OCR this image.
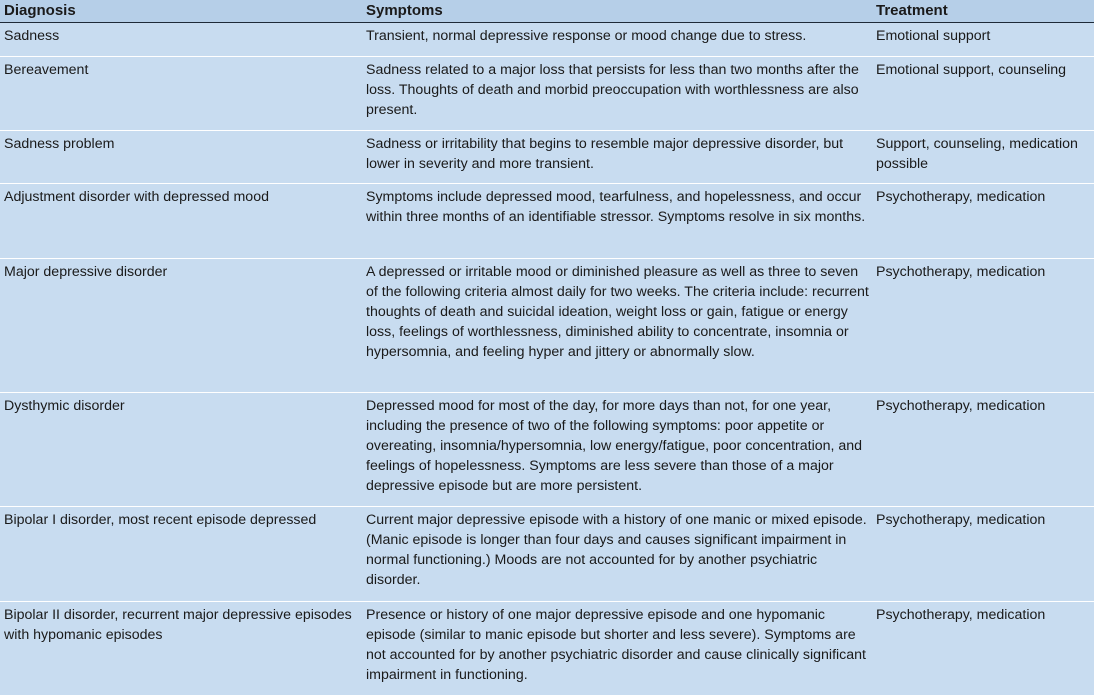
Diagnosis	Symptoms	Treatment
Sadness	Transient, normal depressive response or mood change due to stress.	Emotional support
Bereavement	Sadness related to a major loss that persists for less than two months after the loss. Thoughts of death and morbid preoccupation with worthlessness are also present.	Emotional support, counseling
Sadness problem	Sadness or irritability that begins to resemble major depressive disorder, but lower in severity and more transient.	Support, counseling, medication possible
Adjustment disorder with depressed mood	Symptoms include depressed mood, tearfulness, and hopelessness, and occur within three months of an identifiable stressor. Symptoms resolve in six months.	Psychotherapy, medication
Major depressive disorder	A depressed or irritable mood or diminished pleasure as well as three to seven of the following criteria almost daily for two weeks. The criteria include: recurrent thoughts of death and suicidal ideation, weight loss or gain, fatigue or energy loss, feelings of worthlessness, diminished ability to concentrate, insomnia or hypersomnia, and feeling hyper and jittery or abnormally slow.	Psychotherapy, medication
Dysthymic disorder	Depressed mood for most of the day, for more days than not, for one year, including the presence of two of the following symptoms: poor appetite or overeating, insomnia/hypersomnia, low energy/fatigue, poor concentration, and feelings of hopelessness. Symptoms are less severe than those of a major depressive episode but are more persistent.	Psychotherapy, medication
Bipolar I disorder, most recent episode depressed	Current major depressive episode with a history of one manic or mixed episode. (Manic episode is longer than four days and causes significant impairment in normal functioning.) Moods are not accounted for by another psychiatric disorder.	Psychotherapy, medication
Bipolar II disorder, recurrent major depressive episodes with hypomanic episodes	Presence or history of one major depressive episode and one hypomanic episode (similar to manic episode but shorter and less severe). Symptoms are not accounted for by another psychiatric disorder and cause clinically significant impairment in functioning.	Psychotherapy, medication
